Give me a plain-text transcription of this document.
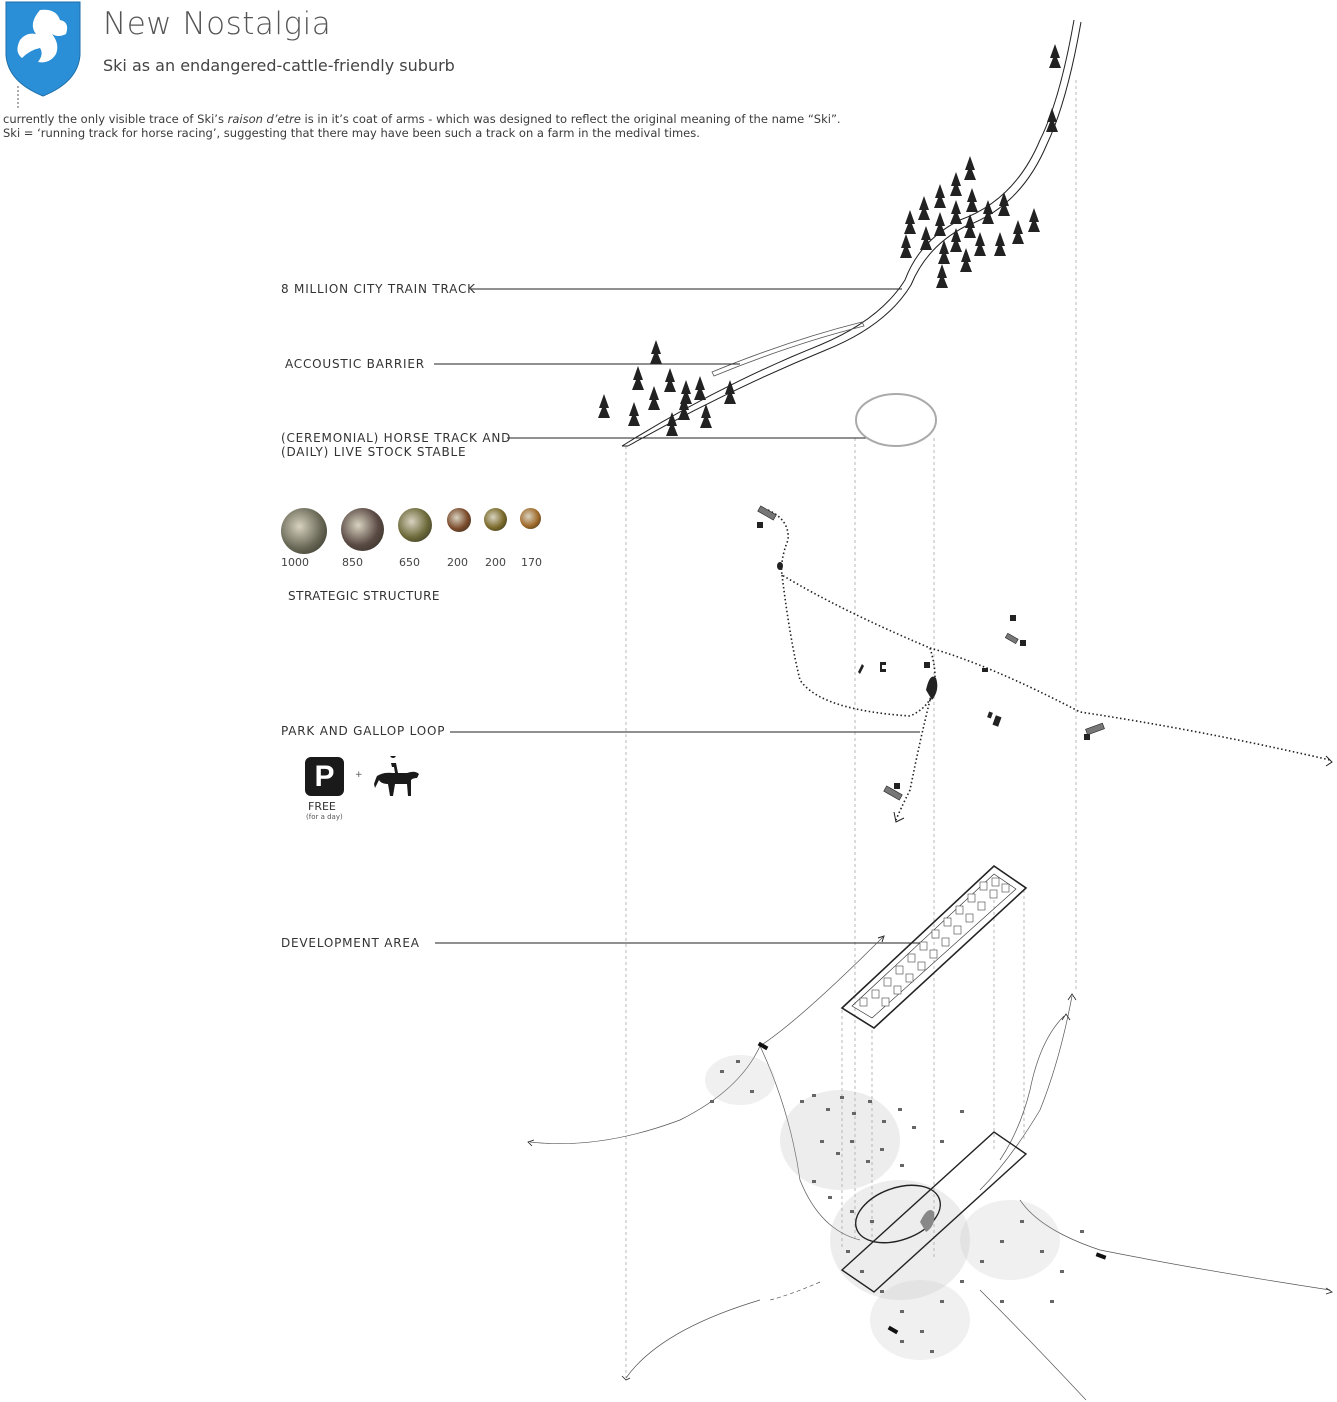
New Nostalgia
Ski as an endangered-cattle-friendly suburb
currently the only visible trace of Ski’s raison d’etre is in it’s coat of arms - which was designed to reflect the original meaning of the name “Ski”.
Ski = ‘running track for horse racing’, suggesting that there may have been such a track on a farm in the medival times.
8 MILLION CITY TRAIN TRACK
ACCOUSTIC BARRIER
(CEREMONIAL) HORSE TRACK AND
(DAILY) LIVE STOCK STABLE
1000	850	650 200 200 170
STRATEGIC STRUCTURE
PARK AND GALLOP LOOP
P +
FREE
(for a day)
DEVELOPMENT AREA
